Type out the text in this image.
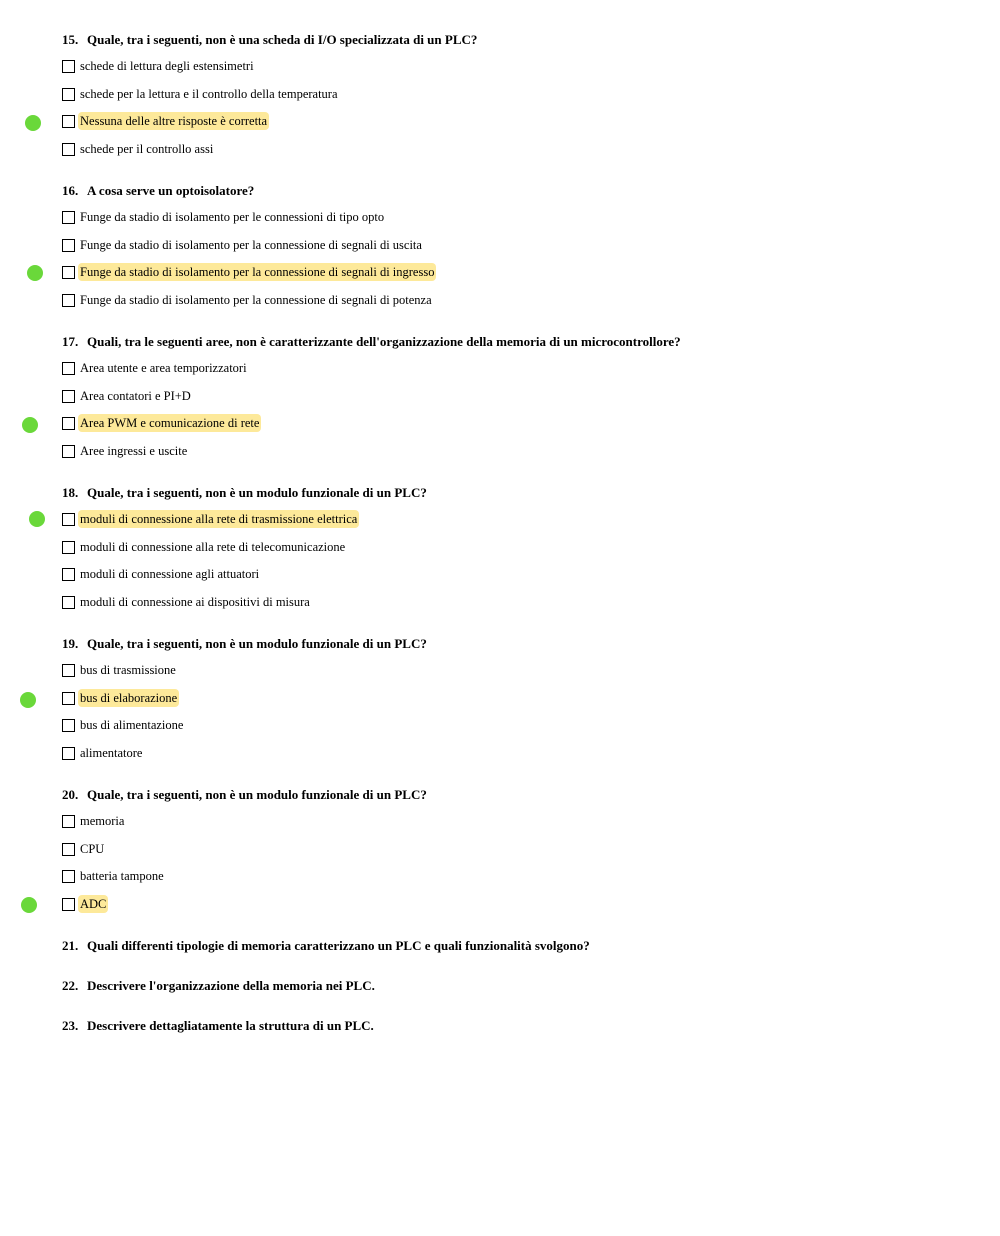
15. Quale, tra i seguenti, non è una scheda di I/O specializzata di un PLC?
schede di lettura degli estensimetri
schede per la lettura e il controllo della temperatura
Nessuna delle altre risposte è corretta
schede per il controllo assi
16. A cosa serve un optoisolatore?
Funge da stadio di isolamento per le connessioni di tipo opto
Funge da stadio di isolamento per la connessione di segnali di uscita
Funge da stadio di isolamento per la connessione di segnali di ingresso
Funge da stadio di isolamento per la connessione di segnali di potenza
17. Quali, tra le seguenti aree, non è caratterizzante dell'organizzazione della memoria di un microcontrollore?
Area utente e area temporizzatori
Area contatori e PI+D
Area PWM e comunicazione di rete
Aree ingressi e uscite
18. Quale, tra i seguenti, non è un modulo funzionale di un PLC?
moduli di connessione alla rete di trasmissione elettrica
moduli di connessione alla rete di telecomunicazione
moduli di connessione agli attuatori
moduli di connessione ai dispositivi di misura
19. Quale, tra i seguenti, non è un modulo funzionale di un PLC?
bus di trasmissione
bus di elaborazione
bus di alimentazione
alimentatore
20. Quale, tra i seguenti, non è un modulo funzionale di un PLC?
memoria
CPU
batteria tampone
ADC
21. Quali differenti tipologie di memoria caratterizzano un PLC e quali funzionalità svolgono?
22. Descrivere l'organizzazione della memoria nei PLC.
23. Descrivere dettagliatamente la struttura di un PLC.
